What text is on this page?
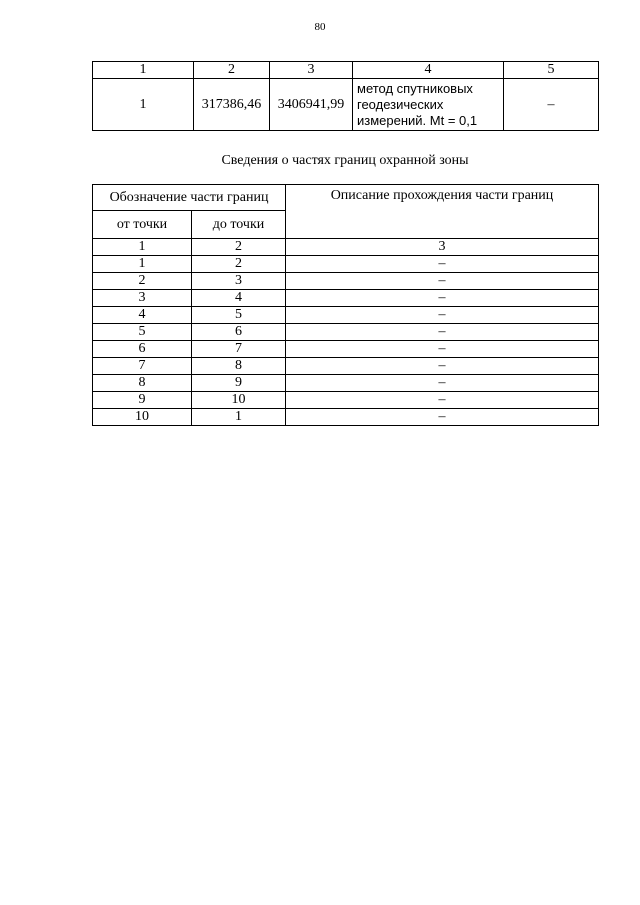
80
1	2	3	4	5
1	317386,46	3406941,99	метод спутниковых
геодезических
измерений. Mt = 0,1	–
Сведения о частях границ охранной зоны
Обозначение части границ		Описание прохождения части границ
от точки	до точки	
1	2	3
1	2	–
2	3	–
3	4	–
4	5	–
5	6	–
6	7	–
7	8	–
8	9	–
9	10	–
10	1	–
